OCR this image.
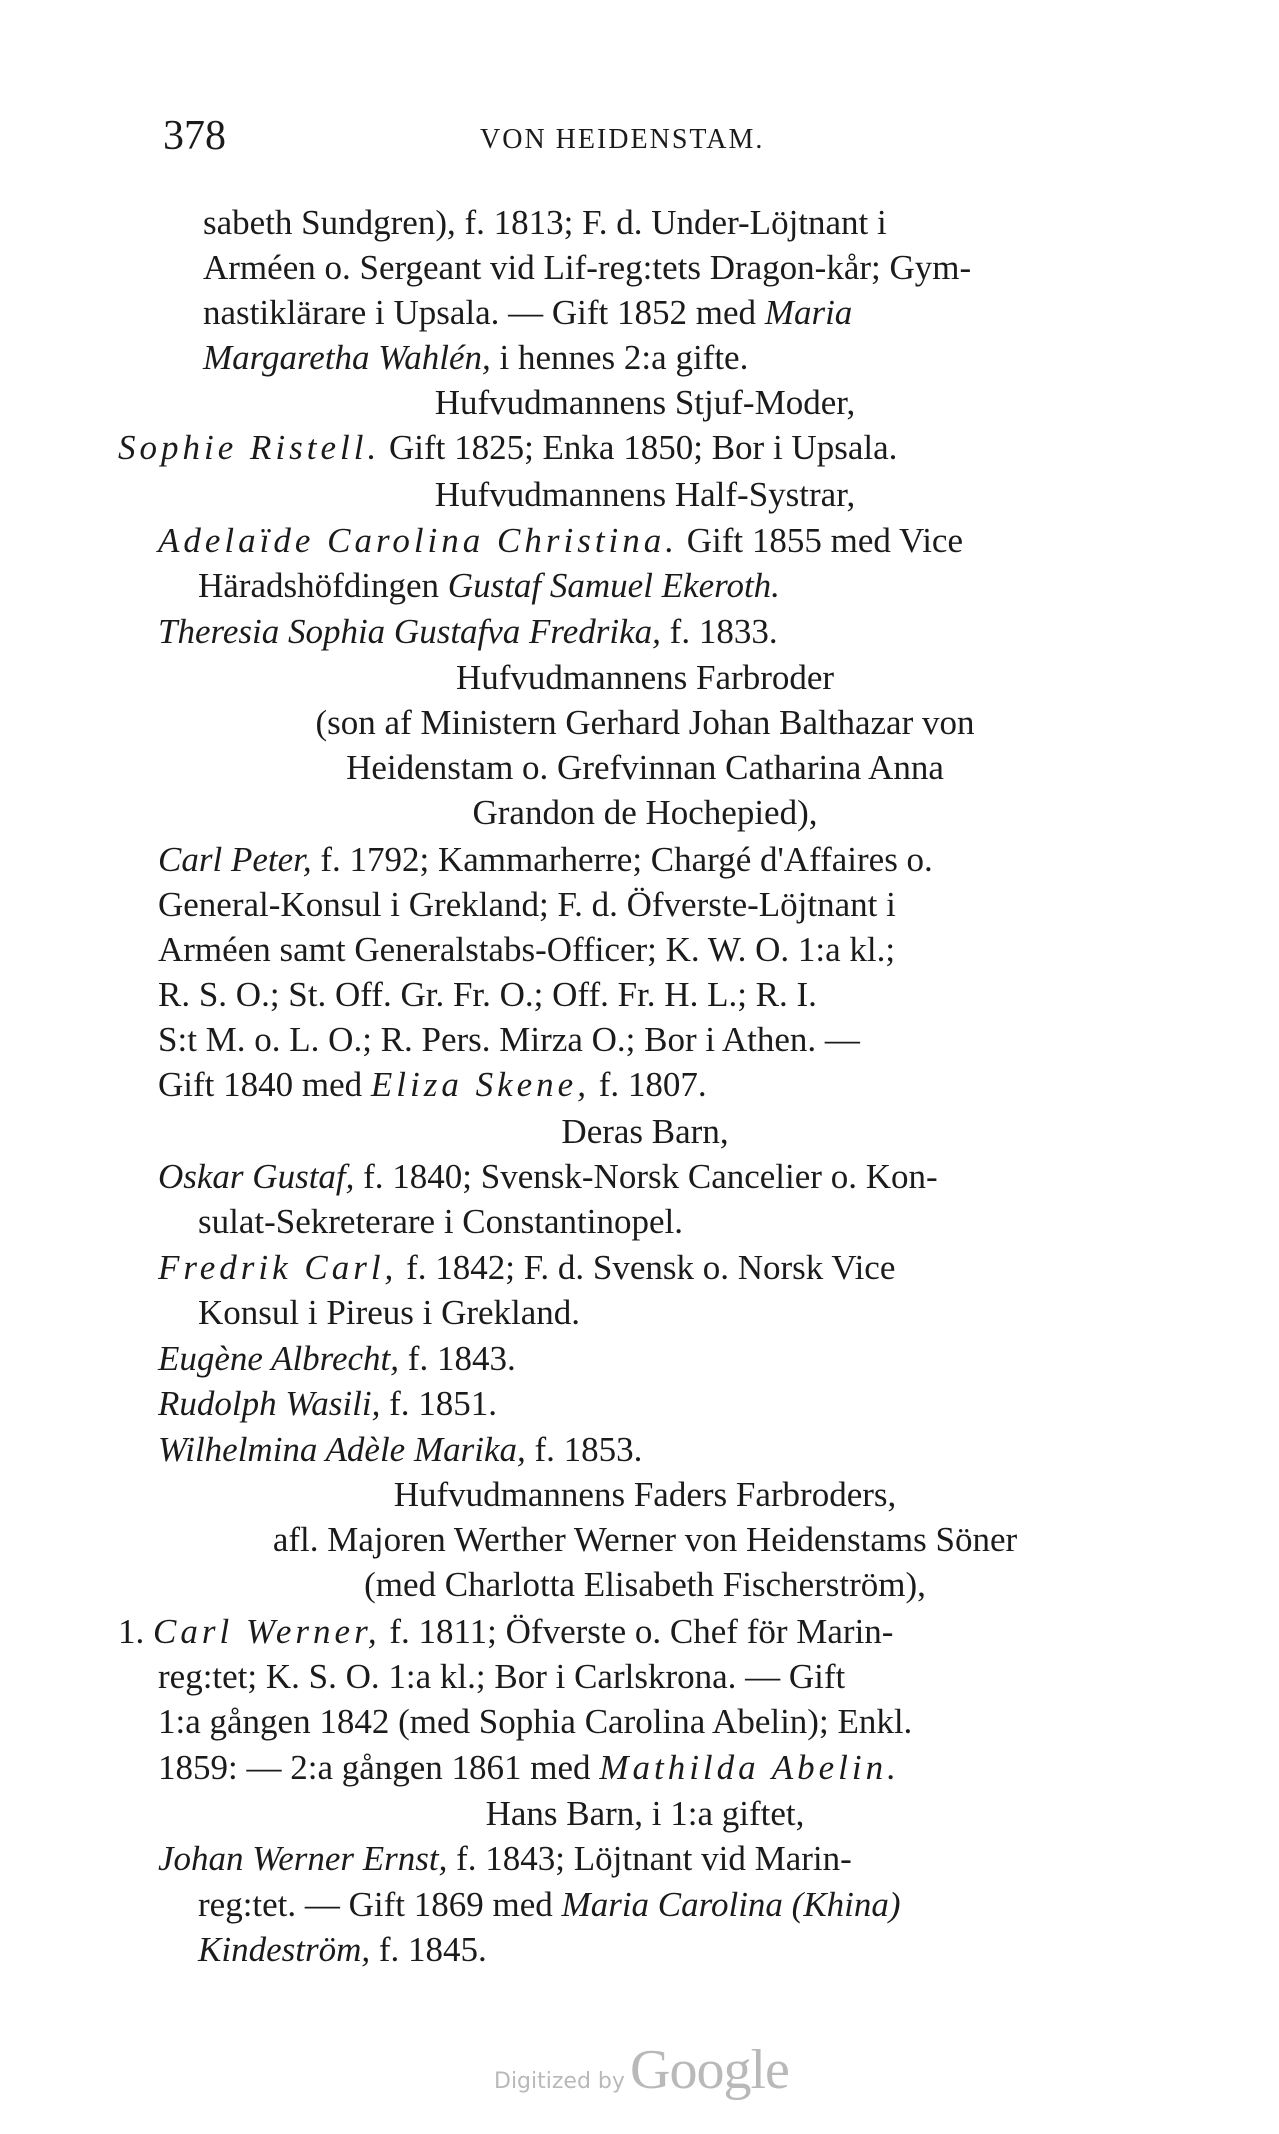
378	VON HEIDENSTAM.
sabeth Sundgren), f. 1813; F. d. Under-Löjtnant i
Arméen o. Sergeant vid Lif-reg:tets Dragon-kår; Gym-
nastiklärare i Upsala. — Gift 1852 med Maria
Margaretha Wahlén, i hennes 2:a gifte.
Hufvudmannens Stjuf-Moder,
Sophie Ristell. Gift 1825; Enka 1850; Bor i Upsala.
Hufvudmannens Half-Systrar,
Adelaïde Carolina Christina. Gift 1855 med Vice
Häradshöfdingen Gustaf Samuel Ekeroth.
Theresia Sophia Gustafva Fredrika, f. 1833.
Hufvudmannens Farbroder
(son af Ministern Gerhard Johan Balthazar von
Heidenstam o. Grefvinnan Catharina Anna
Grandon de Hochepied),
Carl Peter, f. 1792; Kammarherre; Chargé d'Affaires o.
General-Konsul i Grekland; F. d. Öfverste-Löjtnant i
Arméen samt Generalstabs-Officer; K. W. O. 1:a kl.;
R. S. O.; St. Off. Gr. Fr. O.; Off. Fr. H. L.; R. I.
S:t M. o. L. O.; R. Pers. Mirza O.; Bor i Athen. —
Gift 1840 med Eliza Skene, f. 1807.
Deras Barn,
Oskar Gustaf, f. 1840; Svensk-Norsk Cancelier o. Kon-
sulat-Sekreterare i Constantinopel.
Fredrik Carl, f. 1842; F. d. Svensk o. Norsk Vice
Konsul i Pireus i Grekland.
Eugène Albrecht, f. 1843.
Rudolph Wasili, f. 1851.
Wilhelmina Adèle Marika, f. 1853.
Hufvudmannens Faders Farbroders,
afl. Majoren Werther Werner von Heidenstams Söner
(med Charlotta Elisabeth Fischerström),
1. Carl Werner, f. 1811; Öfverste o. Chef för Marin-
reg:tet; K. S. O. 1:a kl.; Bor i Carlskrona. — Gift
1:a gången 1842 (med Sophia Carolina Abelin); Enkl.
1859: — 2:a gången 1861 med Mathilda Abelin.
Hans Barn, i 1:a giftet,
Johan Werner Ernst, f. 1843; Löjtnant vid Marin-
reg:tet. — Gift 1869 med Maria Carolina (Khina)
Kindeström, f. 1845.
Digitized by Google
